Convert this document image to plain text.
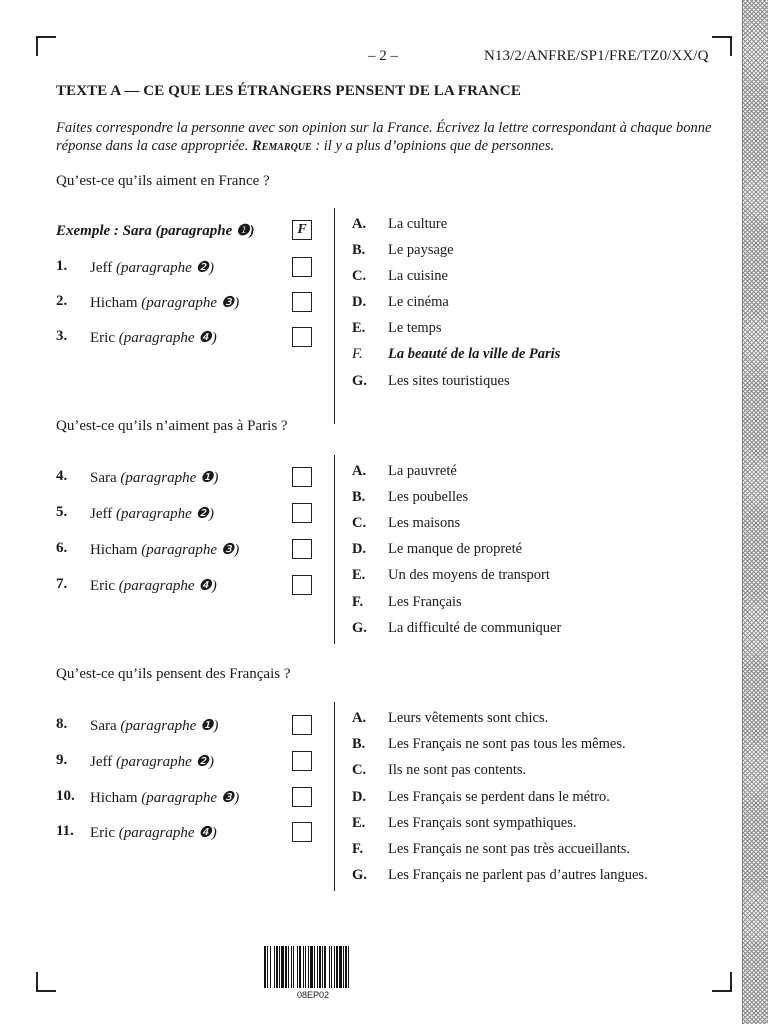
– 2 –	N13/2/ANFRE/SP1/FRE/TZ0/XX/Q
TEXTE A — CE QUE LES ÉTRANGERS PENSENT DE LA FRANCE
Faites correspondre la personne avec son opinion sur la France. Écrivez la lettre correspondant à chaque bonne réponse dans la case appropriée. Remarque : il y a plus d’opinions que de personnes.
Qu’est-ce qu’ils aiment en France ?
Exemple : Sara (paragraphe ❶)	F
1. Jeff (paragraphe ❷)
2. Hicham (paragraphe ❸)
3. Eric (paragraphe ❹)
A. La culture
B. Le paysage
C. La cuisine
D. Le cinéma
E. Le temps
F. La beauté de la ville de Paris
G. Les sites touristiques
Qu’est-ce qu’ils n’aiment pas à Paris ?
4. Sara (paragraphe ❶)
5. Jeff (paragraphe ❷)
6. Hicham (paragraphe ❸)
7. Eric (paragraphe ❹)
A. La pauvreté
B. Les poubelles
C. Les maisons
D. Le manque de propreté
E. Un des moyens de transport
F. Les Français
G. La difficulté de communiquer
Qu’est-ce qu’ils pensent des Français ?
8. Sara (paragraphe ❶)
9. Jeff (paragraphe ❷)
10. Hicham (paragraphe ❸)
11. Eric (paragraphe ❹)
A. Leurs vêtements sont chics.
B. Les Français ne sont pas tous les mêmes.
C. Ils ne sont pas contents.
D. Les Français se perdent dans le métro.
E. Les Français sont sympathiques.
F. Les Français ne sont pas très accueillants.
G. Les Français ne parlent pas d’autres langues.
08EP02
